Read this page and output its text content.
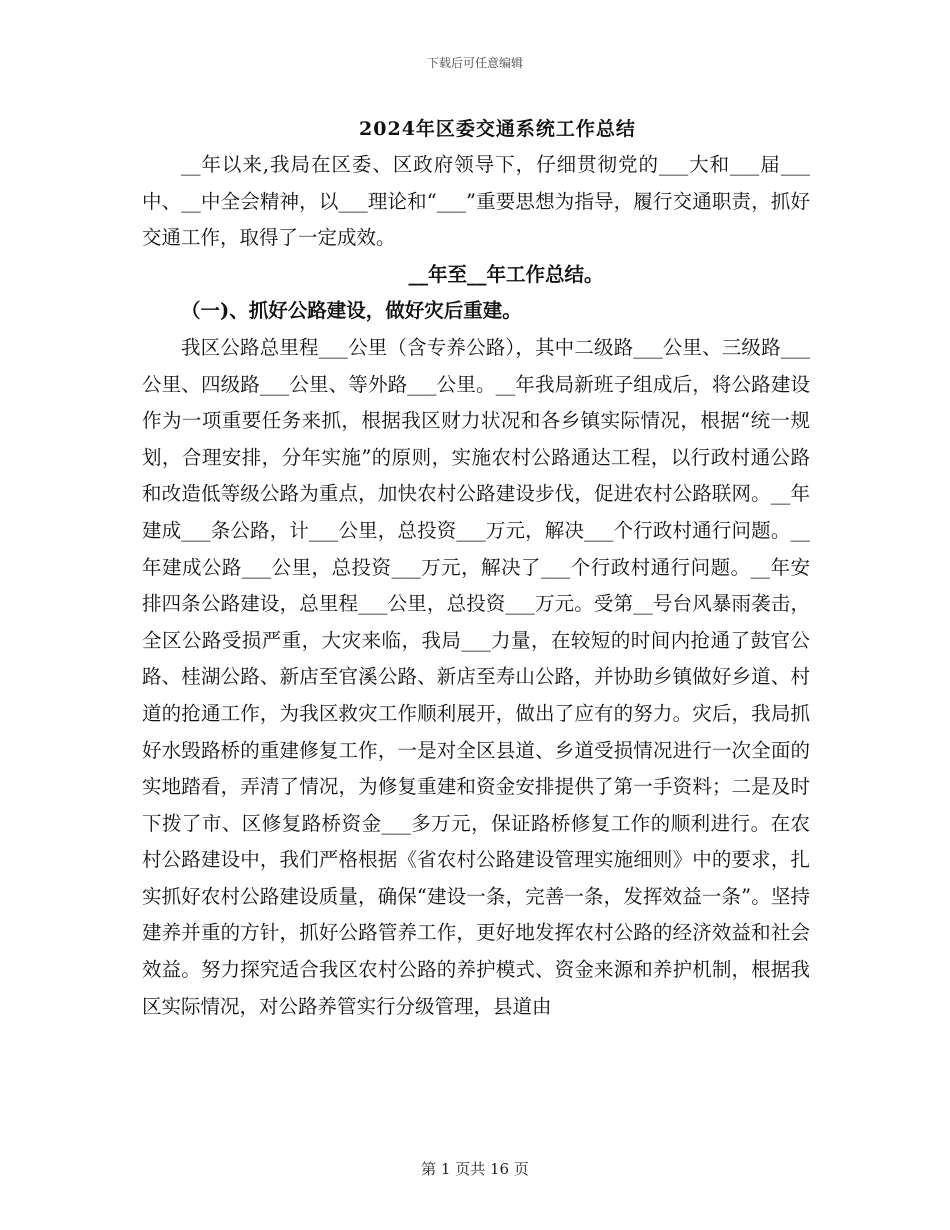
下载后可任意编辑
2024年区委交通系统工作总结

__年以来,我局在区委、区政府领导下，仔细贯彻党的___大和___届___中、__中全会精神，以___理论和“___”重要思想为指导，履行交通职责，抓好交通工作，取得了一定成效。

__年至__年工作总结。

（一)、抓好公路建设，做好灾后重建。

我区公路总里程___公里（含专养公路），其中二级路___公里、三级路___公里、四级路___公里、等外路___公里。__年我局新班子组成后，将公路建设作为一项重要任务来抓，根据我区财力状况和各乡镇实际情况，根据“统一规划，合理安排，分年实施”的原则，实施农村公路通达工程，以行政村通公路和改造低等级公路为重点，加快农村公路建设步伐，促进农村公路联网。__年建成___条公路，计___公里，总投资___万元，解决___个行政村通行问题。__年建成公路___公里，总投资___万元，解决了___个行政村通行问题。__年安排四条公路建设，总里程___公里，总投资___万元。受第__号台风暴雨袭击，全区公路受损严重，大灾来临，我局___力量，在较短的时间内抢通了鼓官公路、桂湖公路、新店至官溪公路、新店至寿山公路，并协助乡镇做好乡道、村道的抢通工作，为我区救灾工作顺利展开，做出了应有的努力。灾后，我局抓好水毁路桥的重建修复工作，一是对全区县道、乡道受损情况进行一次全面的实地踏看，弄清了情况，为修复重建和资金安排提供了第一手资料；二是及时下拨了市、区修复路桥资金___多万元，保证路桥修复工作的顺利进行。在农村公路建设中，我们严格根据《省农村公路建设管理实施细则》中的要求，扎实抓好农村公路建设质量，确保“建设一条，完善一条，发挥效益一条”。坚持建养并重的方针，抓好公路管养工作，更好地发挥农村公路的经济效益和社会效益。努力探究适合我区农村公路的养护模式、资金来源和养护机制，根据我区实际情况，对公路养管实行分级管理，县道由

第 1 页共 16 页
